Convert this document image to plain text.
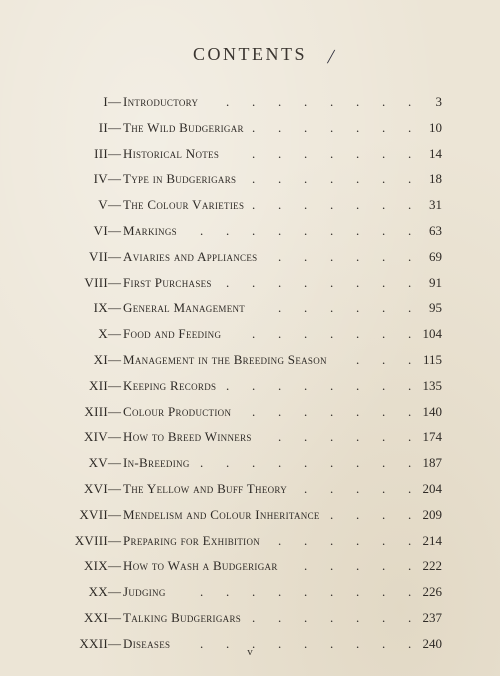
CONTENTS /
I — Introductory	3
. . . . . . . .
II — The Wild Budgerigar	10
. . . . . . .
III — Historical Notes	14
. . . . . . .
IV — Type in Budgerigars	18
. . . . . . .
V — The Colour Varieties	31
. . . . . . .
VI — Markings	63
. . . . . . . . .
VII — Aviaries and Appliances	69
. . . . . .
VIII — First Purchases	91
. . . . . . . .
IX — General Management	95
. . . . . .
X — Food and Feeding	104
. . . . . . .
XI — Management in the Breeding Season	115
. . .
XII — Keeping Records	135
. . . . . . . .
XIII — Colour Production	140
. . . . . . .
XIV — How to Breed Winners	174
. . . . . .
XV — In-Breeding	187
. . . . . . . . .
XVI — The Yellow and Buff Theory	204
. . . . .
XVII — Mendelism and Colour Inheritance	209
. . . .
XVIII — Preparing for Exhibition	214
. . . . . .
XIX — How to Wash a Budgerigar	222
. . . . .
XX — Judging	226
. . . . . . . . .
XXI — Talking Budgerigars	237
. . . . . . .
XXII — Diseases	240
. . . . . . . . .
v
